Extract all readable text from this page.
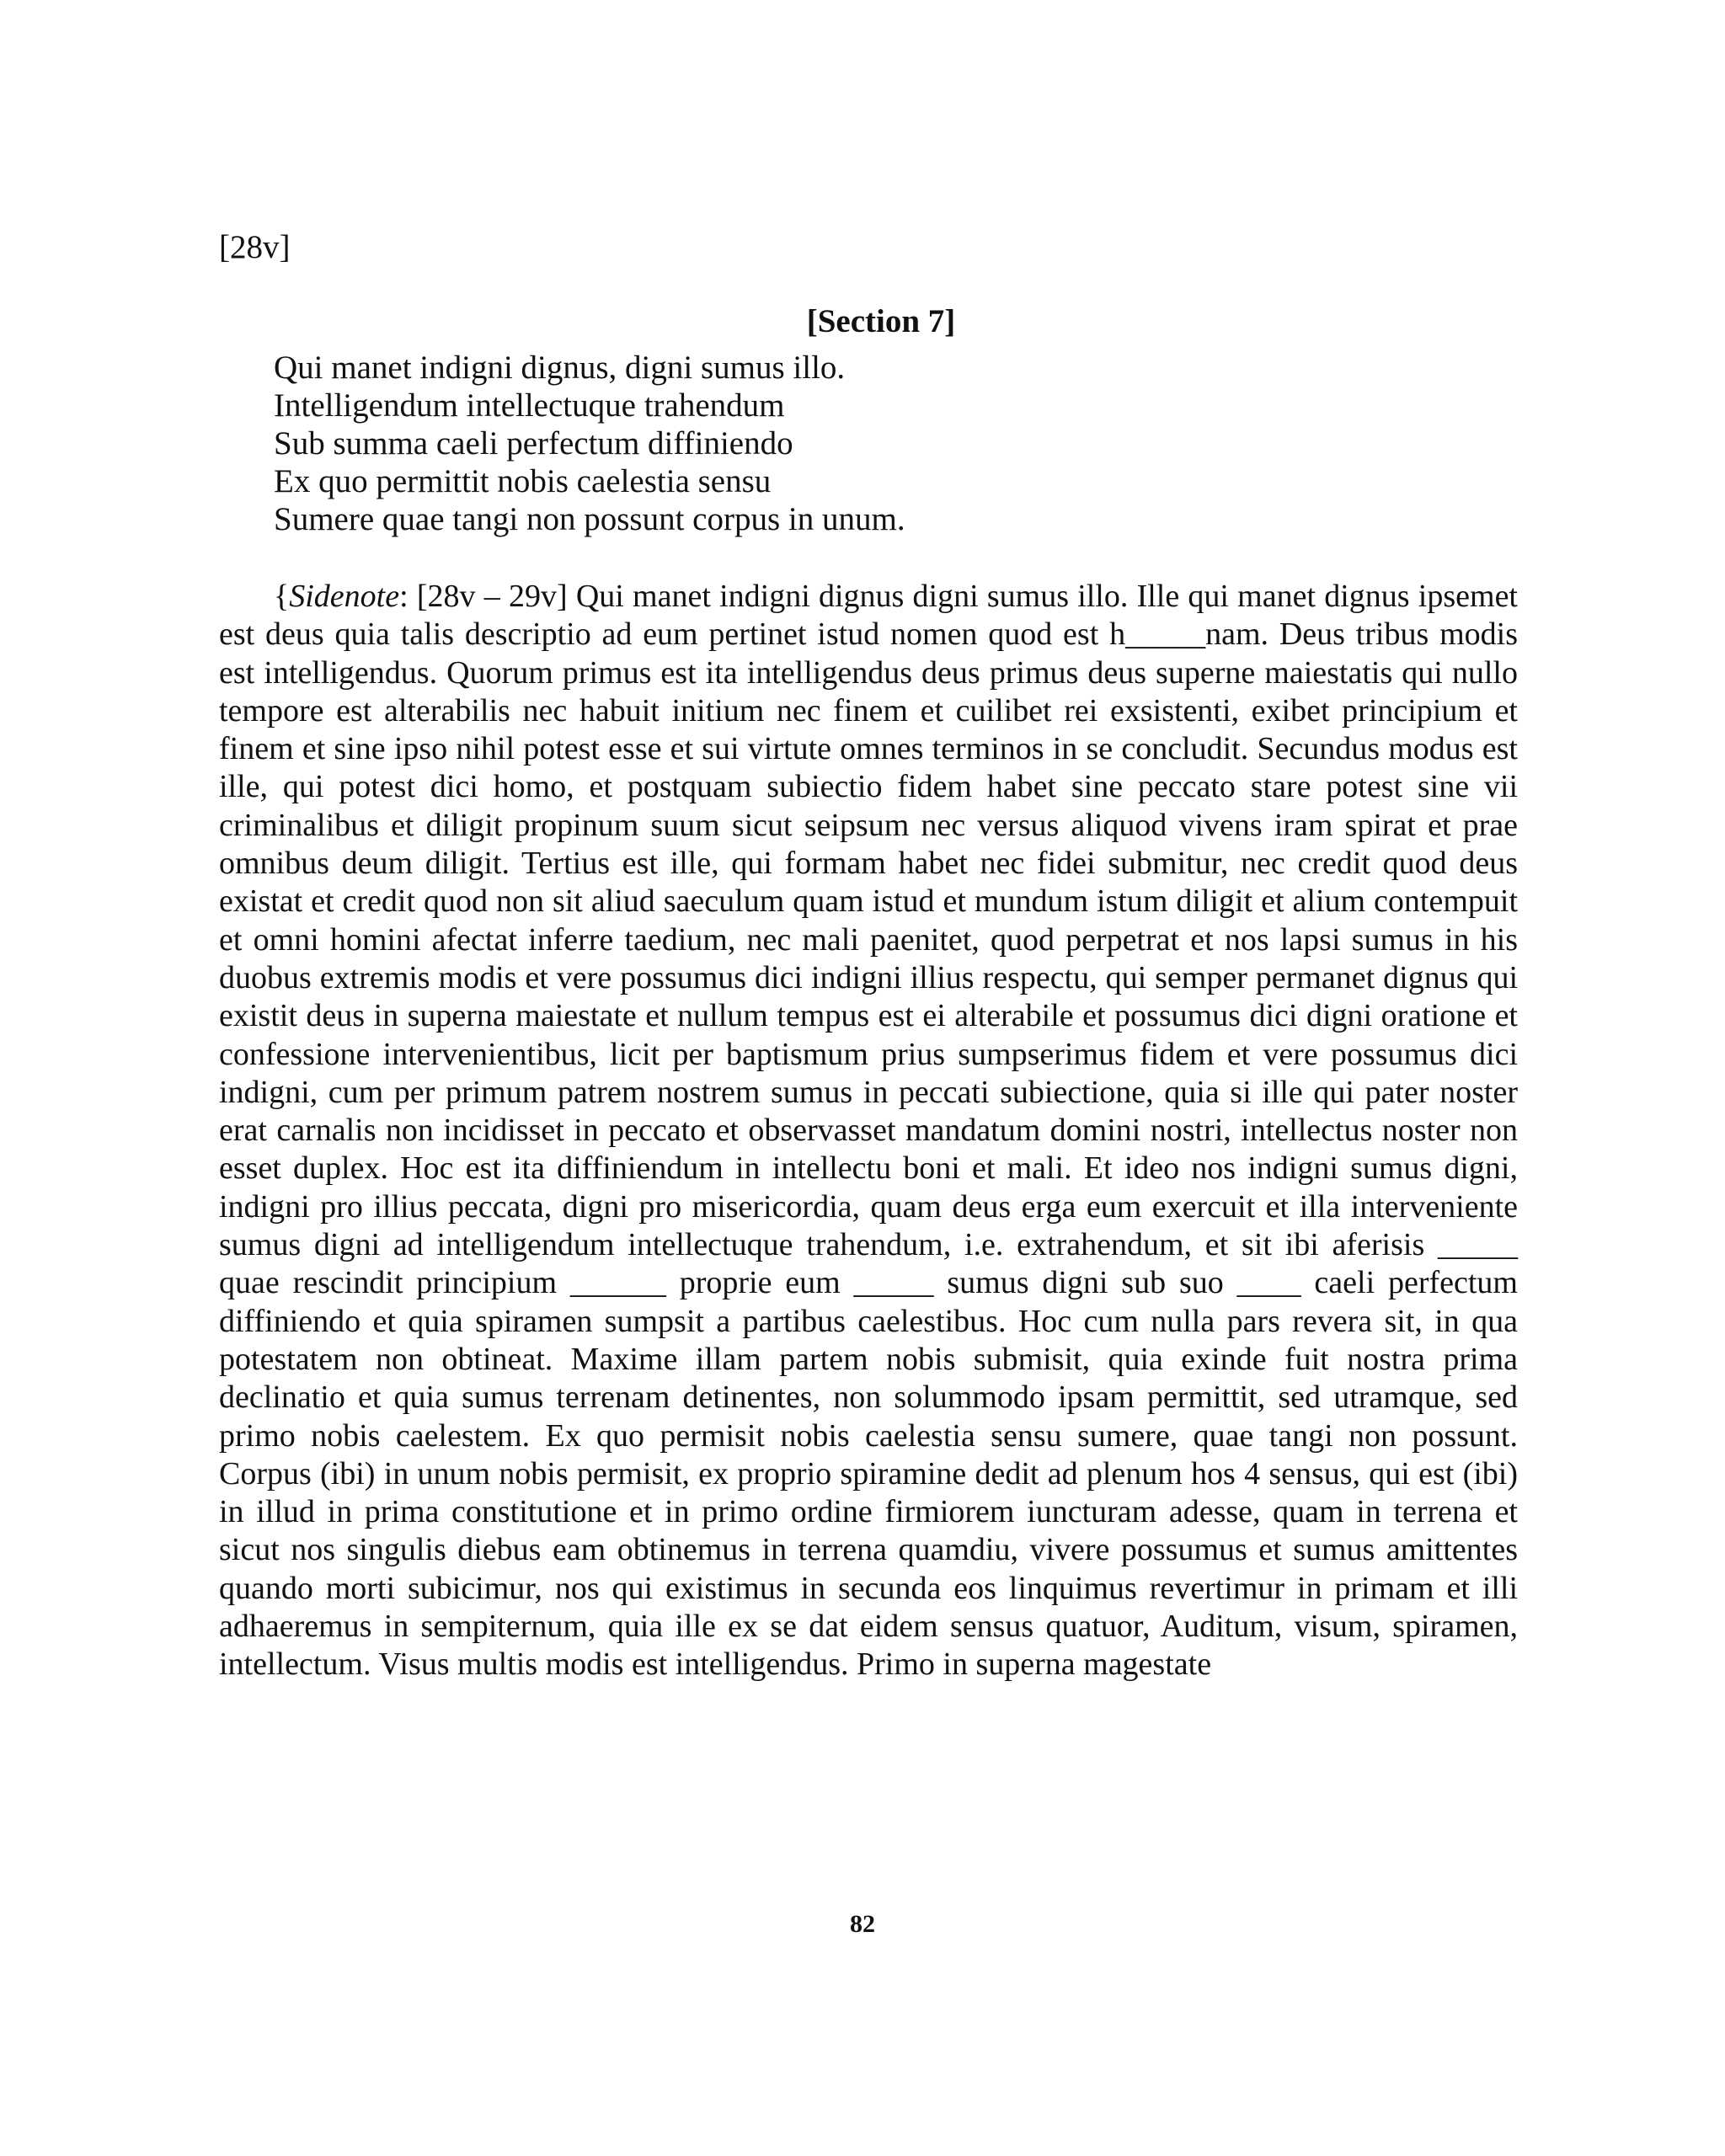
[28v]

[Section 7]

Qui manet indigni dignus, digni sumus illo.
Intelligendum intellectuque trahendum
Sub summa caeli perfectum diffiniendo
Ex quo permittit nobis caelestia sensu
Sumere quae tangi non possunt corpus in unum.

{Sidenote: [28v – 29v] Qui manet indigni dignus digni sumus illo. Ille qui manet dignus ipsemet est deus quia talis descriptio ad eum pertinet istud nomen quod est h_____nam. Deus tribus modis est intelligendus. Quorum primus est ita intelligendus deus primus deus superne maiestatis qui nullo tempore est alterabilis nec habuit initium nec finem et cuilibet rei exsistenti, exibet principium et finem et sine ipso nihil potest esse et sui virtute omnes terminos in se concludit. Secundus modus est ille, qui potest dici homo, et postquam subiectio fidem habet sine peccato stare potest sine vii criminalibus et diligit propinum suum sicut seipsum nec versus aliquod vivens iram spirat et prae omnibus deum diligit. Tertius est ille, qui formam habet nec fidei submitur, nec credit quod deus existat et credit quod non sit aliud saeculum quam istud et mundum istum diligit et alium contempuit et omni homini afectat inferre taedium, nec mali paenitet, quod perpetrat et nos lapsi sumus in his duobus extremis modis et vere possumus dici indigni illius respectu, qui semper permanet dignus qui existit deus in superna maiestate et nullum tempus est ei alterabile et possumus dici digni oratione et confessione intervenientibus, licit per baptismum prius sumpserimus fidem et vere possumus dici indigni, cum per primum patrem nostrem sumus in peccati subiectione, quia si ille qui pater noster erat carnalis non incidisset in peccato et observasset mandatum domini nostri, intellectus noster non esset duplex. Hoc est ita diffiniendum in intellectu boni et mali. Et ideo nos indigni sumus digni, indigni pro illius peccata, digni pro misericordia, quam deus erga eum exercuit et illa interveniente sumus digni ad intelligendum intellectuque trahendum, i.e. extrahendum, et sit ibi aferisis _____ quae rescindit principium ______ proprie eum _____ sumus digni sub suo ____ caeli perfectum diffiniendo et quia spiramen sumpsit a partibus caelestibus. Hoc cum nulla pars revera sit, in qua potestatem non obtineat. Maxime illam partem nobis submisit, quia exinde fuit nostra prima declinatio et quia sumus terrenam detinentes, non solummodo ipsam permittit, sed utramque, sed primo nobis caelestem. Ex quo permisit nobis caelestia sensu sumere, quae tangi non possunt. Corpus (ibi) in unum nobis permisit, ex proprio spiramine dedit ad plenum hos 4 sensus, qui est (ibi) in illud in prima constitutione et in primo ordine firmiorem iuncturam adesse, quam in terrena et sicut nos singulis diebus eam obtinemus in terrena quamdiu, vivere possumus et sumus amittentes quando morti subicimur, nos qui existimus in secunda eos linquimus revertimur in primam et illi adhaeremus in sempiternum, quia ille ex se dat eidem sensus quatuor, Auditum, visum, spiramen, intellectum. Visus multis modis est intelligendus. Primo in superna magestate

82
